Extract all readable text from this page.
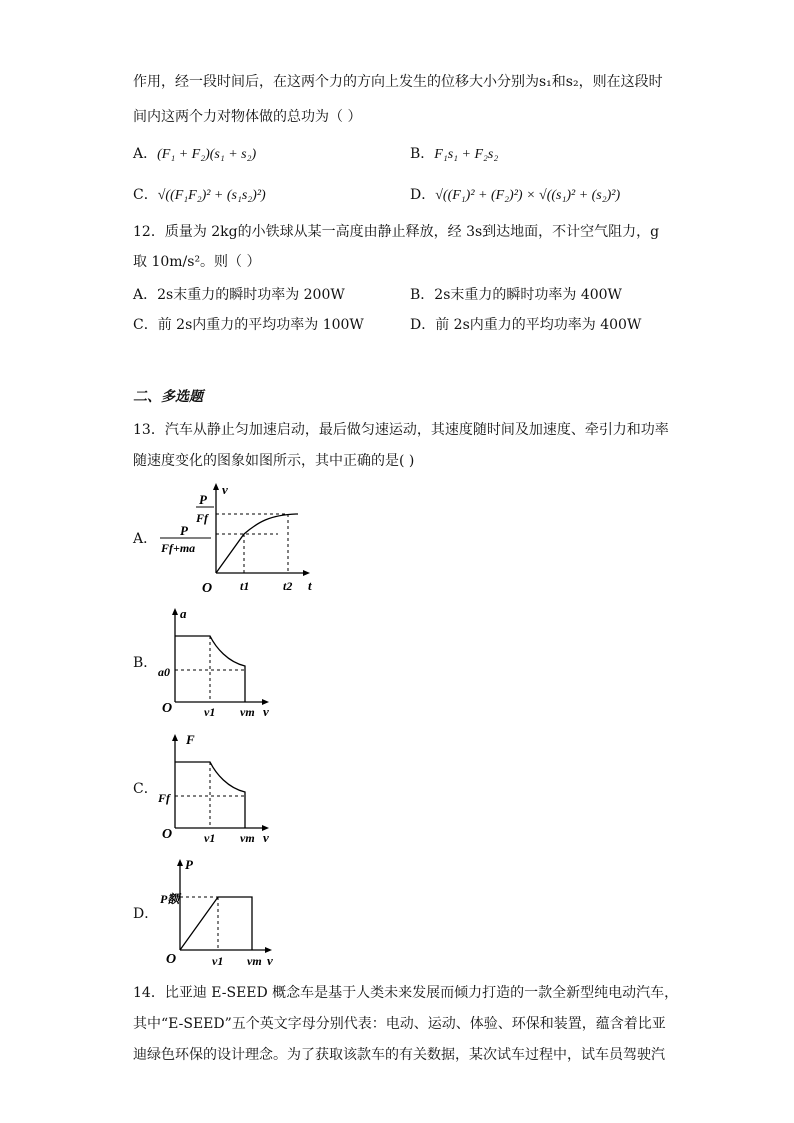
作用，经一段时间后，在这两个力的方向上发生的位移大小分别为s₁和s₂，则在这段时
间内这两个力对物体做的总功为（ ）
A．(F₁ + F₂)(s₁ + s₂)	B．F₁s₁ + F₂s₂
C．√((F₁F₂)² + (s₁s₂)²)	D．√((F₁)² + (F₂)²) × √((s₁)² + (s₂)²)
12．质量为 2kg的小铁球从某一高度由静止释放，经 3s到达地面，不计空气阻力，g
取 10m/s²。则（ ）
A．2s末重力的瞬时功率为 200W	B．2s末重力的瞬时功率为 400W
C．前 2s内重力的平均功率为 100W	D．前 2s内重力的平均功率为 400W
二、多选题
13．汽车从静止匀加速启动，最后做匀速运动，其速度随时间及加速度、牵引力和功率
随速度变化的图象如图所示，其中正确的是( )
A．
v
t
O
P
Ff
P
Ff+ma
t1	t2
B．
a
v
O
a0
v1 vm
C．
F
v
O
Ff
v1 vm
D．
P
v
O
P额
v1 vm
14．比亚迪 E-SEED 概念车是基于人类未来发展而倾力打造的一款全新型纯电动汽车，
其中“E-SEED”五个英文字母分别代表：电动、运动、体验、环保和装置，蕴含着比亚
迪绿色环保的设计理念。为了获取该款车的有关数据，某次试车过程中，试车员驾驶汽
